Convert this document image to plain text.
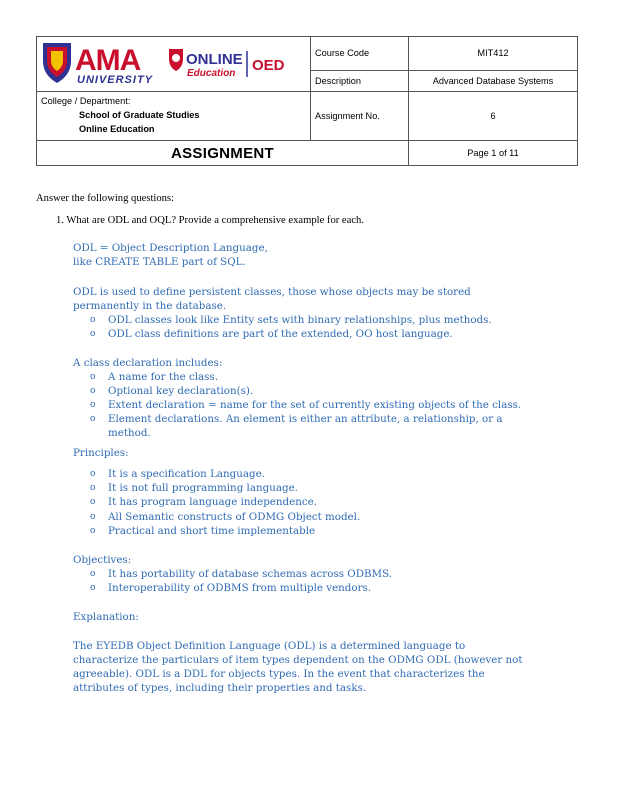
AMA
UNIVERSITY
ONLINE
Education OED	Course Code	MIT412
	Description	Advanced Database Systems

College / Department:
School of Graduate Studies
Online Education	Assignment No.	6
ASSIGNMENT		Page 1 of 11
Answer the following questions:
1. What are ODL and OQL? Provide a comprehensive example for each.
ODL = Object Description Language,
like CREATE TABLE part of SQL.
ODL is used to define persistent classes, those whose objects may be stored
permanently in the database.
o ODL classes look like Entity sets with binary relationships, plus methods.
o ODL class definitions are part of the extended, OO host language.
A class declaration includes:
o A name for the class.
o Optional key declaration(s).
o Extent declaration = name for the set of currently existing objects of the class.
o Element declarations. An element is either an attribute, a relationship, or a
method.
Principles:
o It is a specification Language.
o It is not full programming language.
o It has program language independence.
o All Semantic constructs of ODMG Object model.
o Practical and short time implementable
Objectives:
o It has portability of database schemas across ODBMS.
o Interoperability of ODBMS from multiple vendors.
Explanation:
The EYEDB Object Definition Language (ODL) is a determined language to
characterize the particulars of item types dependent on the ODMG ODL (however not
agreeable). ODL is a DDL for objects types. In the event that characterizes the
attributes of types, including their properties and tasks.
